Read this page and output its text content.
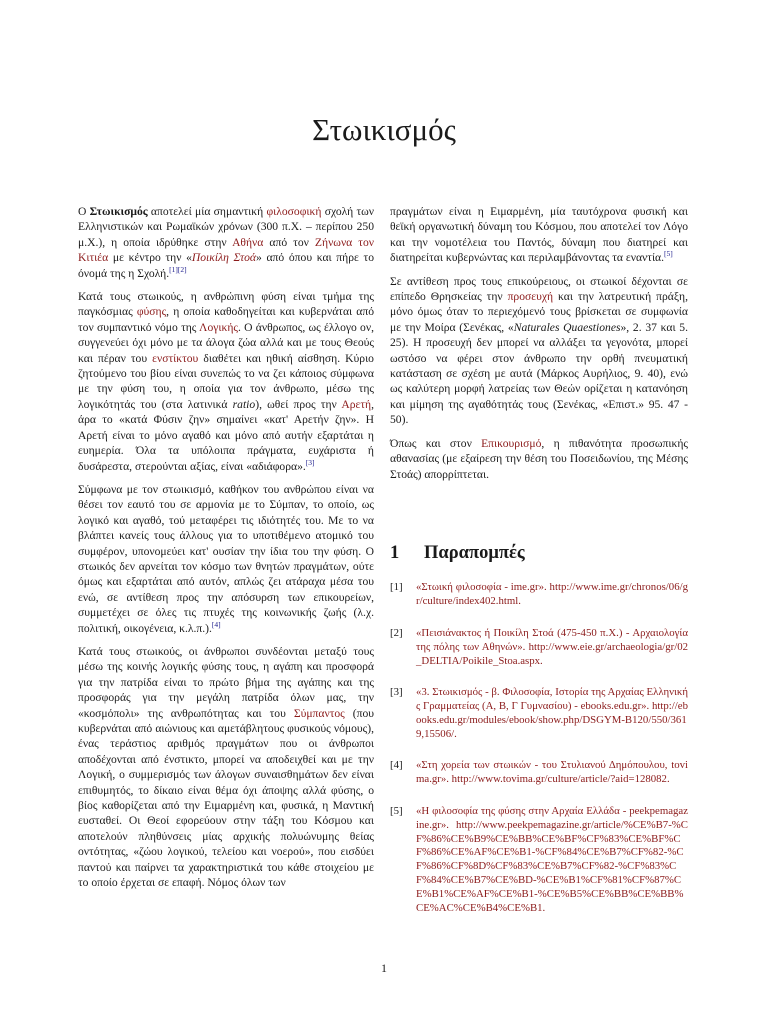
Στωικισμός

Ο Στωικισμός αποτελεί μία σημαντική φιλοσοφική σχολή των Ελληνιστικών και Ρωμαϊκών χρόνων (300 π.Χ. – περίπου 250 μ.Χ.), η οποία ιδρύθηκε στην Αθήνα από τον Ζήνωνα τον Κιτιέα με κέντρο την «Ποικίλη Στοά» από όπου και πήρε το όνομά της η Σχολή.[1][2]

Κατά τους στωικούς, η ανθρώπινη φύση είναι τμήμα της παγκόσμιας φύσης, η οποία καθοδηγείται και κυβερνάται από τον συμπαντικό νόμο της Λογικής. Ο άνθρωπος, ως έλλογο ον, συγγενεύει όχι μόνο με τα άλογα ζώα αλλά και με τους Θεούς και πέραν του ενστίκτου διαθέτει και ηθική αίσθηση. Κύριο ζητούμενο του βίου είναι συνεπώς το να ζει κάποιος σύμφωνα με την φύση του, η οποία για τον άνθρωπο, μέσω της λογικότητάς του (στα λατινικά ratio), ωθεί προς την Αρετή, άρα το «κατά Φύσιν ζην» σημαίνει «κατ' Αρετήν ζην». Η Αρετή είναι το μόνο αγαθό και μόνο από αυτήν εξαρτάται η ευημερία. Όλα τα υπόλοιπα πράγματα, ευχάριστα ή δυσάρεστα, στερούνται αξίας, είναι «αδιάφορα».[3]

Σύμφωνα με τον στωικισμό, καθήκον του ανθρώπου είναι να θέσει τον εαυτό του σε αρμονία με το Σύμπαν, το οποίο, ως λογικό και αγαθό, τού μεταφέρει τις ιδιότητές του. Με το να βλάπτει κανείς τους άλλους για το υποτιθέμενο ατομικό του συμφέρον, υπονομεύει κατ' ουσίαν την ίδια του την φύση. Ο στωικός δεν αρνείται τον κόσμο των θνητών πραγμάτων, ούτε όμως και εξαρτάται από αυτόν, απλώς ζει ατάραχα μέσα του ενώ, σε αντίθεση προς την απόσυρση των επικουρείων, συμμετέχει σε όλες τις πτυχές της κοινωνικής ζωής (λ.χ. πολιτική, οικογένεια, κ.λ.π.).[4]

Κατά τους στωικούς, οι άνθρωποι συνδέονται μεταξύ τους μέσω της κοινής λογικής φύσης τους, η αγάπη και προσφορά για την πατρίδα είναι το πρώτο βήμα της αγάπης και της προσφοράς για την μεγάλη πατρίδα όλων μας, την «κοσμόπολι» της ανθρωπότητας και του Σύμπαντος (που κυβερνάται από αιώνιους και αμετάβλητους φυσικούς νόμους), ένας τεράστιος αριθμός πραγμάτων που οι άνθρωποι αποδέχονται από ένστικτο, μπορεί να αποδειχθεί και με την Λογική, ο συμμερισμός των άλογων συναισθημάτων δεν είναι επιθυμητός, το δίκαιο είναι θέμα όχι άποψης αλλά φύσης, ο βίος καθορίζεται από την Ειμαρμένη και, φυσικά, η Μαντική ευσταθεί. Οι Θεοί εφορεύουν στην τάξη του Κόσμου και αποτελούν πληθύνσεις μίας αρχικής πολυώνυμης θείας οντότητας, «ζώου λογικού, τελείου και νοερού», που εισδύει παντού και παίρνει τα χαρακτηριστικά του κάθε στοιχείου με το οποίο έρχεται σε επαφή. Νόμος όλων των

πραγμάτων είναι η Ειμαρμένη, μία ταυτόχρονα φυσική και θεϊκή οργανωτική δύναμη του Κόσμου, που αποτελεί τον Λόγο και την νομοτέλεια του Παντός, δύναμη που διατηρεί και διατηρείται κυβερνώντας και περιλαμβάνοντας τα εναντία.[5]

Σε αντίθεση προς τους επικούρειους, οι στωικοί δέχονται σε επίπεδο Θρησκείας την προσευχή και την λατρευτική πράξη, μόνο όμως όταν το περιεχόμενό τους βρίσκεται σε συμφωνία με την Μοίρα (Σενέκας, «Naturales Quaestiones», 2. 37 και 5. 25). Η προσευχή δεν μπορεί να αλλάξει τα γεγονότα, μπορεί ωστόσο να φέρει στον άνθρωπο την ορθή πνευματική κατάσταση σε σχέση με αυτά (Μάρκος Αυρήλιος, 9. 40), ενώ ως καλύτερη μορφή λατρείας των Θεών ορίζεται η κατανόηση και μίμηση της αγαθότητάς τους (Σενέκας, «Επιστ.» 95. 47 - 50).

Όπως και στον Επικουρισμό, η πιθανότητα προσωπικής αθανασίας (με εξαίρεση την θέση του Ποσειδωνίου, της Μέσης Στοάς) απορρίπτεται.

1	Παραπομπές
[1]	«Στωική φιλοσοφία - ime.gr». http://www.ime.gr/chronos/06/gr/culture/index402.html.
[2]	«Πεισιάνακτος ή Ποικίλη Στοά (475-450 π.Χ.) - Αρχαιολογία της πόλης των Αθηνών». http://www.eie.gr/archaeologia/gr/02_DELTIA/Poikile_Stoa.aspx.
[3]	«3. Στωικισμός - β. Φιλοσοφία, Ιστορία της Αρχαίας Ελληνικής Γραμματείας (Α, Β, Γ Γυμνασίου) - ebooks.edu.gr». http://ebooks.edu.gr/modules/ebook/show.php/DSGYM-B120/550/3619,15506/.
[4]	«Στη χορεία των στωικών - του Στυλιανού Δημόπουλου, tovima.gr». http://www.tovima.gr/culture/article/?aid=128082.
[5]	«Η φιλοσοφία της φύσης στην Αρχαία Ελλάδα - peekpemagazine.gr». http://www.peekpemagazine.gr/article/%CE%B7-%CF%86%CE%B9%CE%BB%CE%BF%CF%83%CE%BF%CF%86%CE%AF%CE%B1-%CF%84%CE%B7%CF%82-%CF%86%CF%8D%CF%83%CE%B7%CF%82-%CF%83%CF%84%CE%B7%CE%BD-%CE%B1%CF%81%CF%87%CE%B1%CE%AF%CE%B1-%CE%B5%CE%BB%CE%BB%CE%AC%CE%B4%CE%B1.
1
